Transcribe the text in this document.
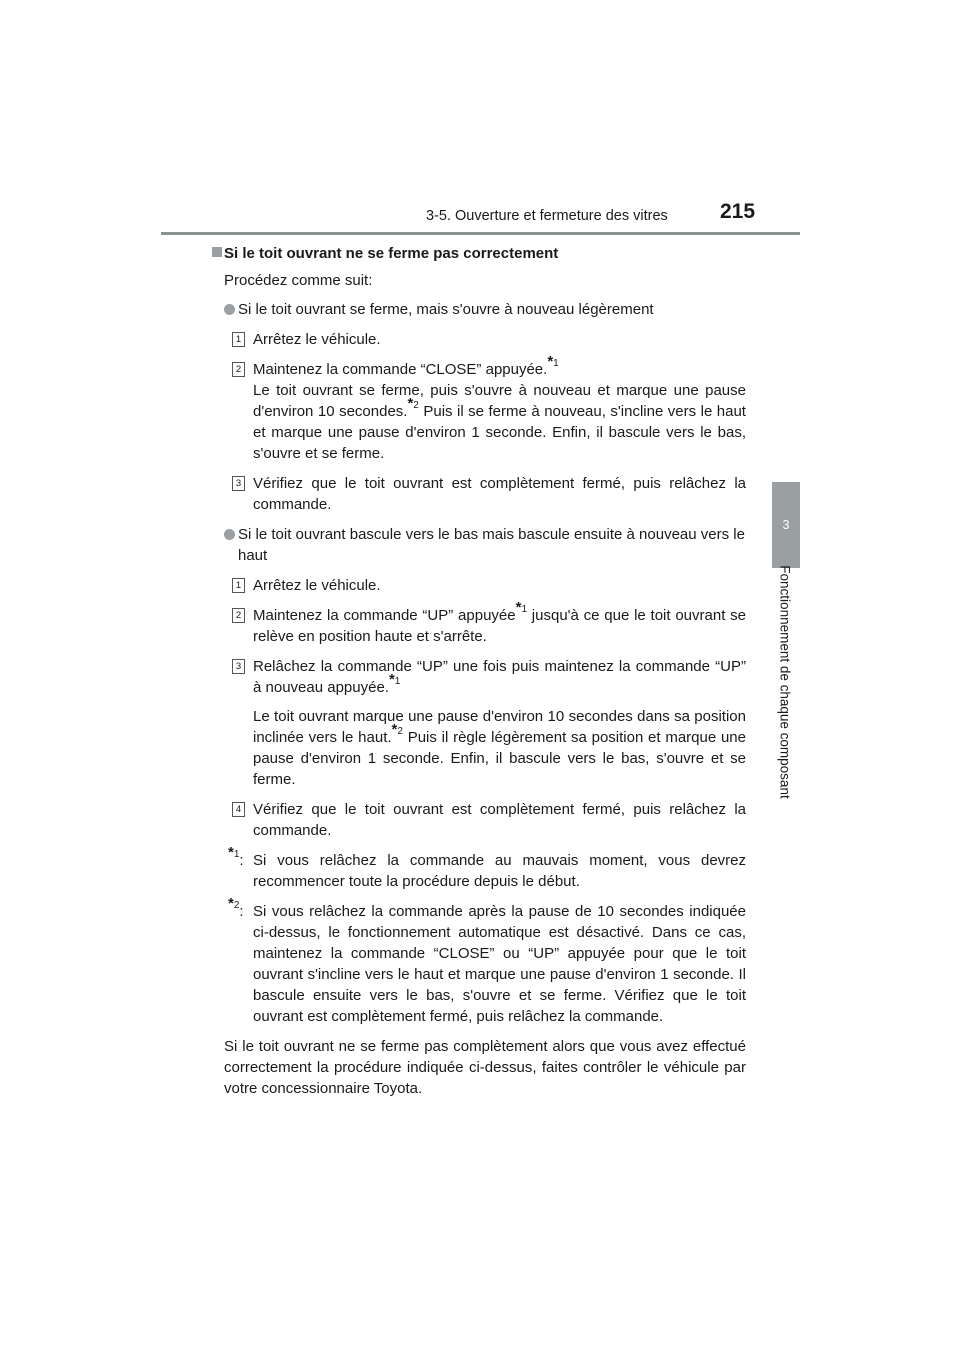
3-5. Ouverture et fermeture des vitres 215
3
Fonctionnement de chaque composant

Si le toit ouvrant ne se ferme pas correctement

Procédez comme suit:

Si le toit ouvrant se ferme, mais s'ouvre à nouveau légèrement

1 Arrêtez le véhicule.
2 Maintenez la commande “CLOSE” appuyée.$^{*1}$
Le toit ouvrant se ferme, puis s'ouvre à nouveau et marque une pause d'environ 10 secondes.$^{*2}$ Puis il se ferme à nouveau, s'incline vers le haut et marque une pause d'environ 1 seconde. Enfin, il bascule vers le bas, s'ouvre et se ferme.
3 Vérifiez que le toit ouvrant est complètement fermé, puis relâchez la commande.

Si le toit ouvrant bascule vers le bas mais bascule ensuite à nouveau vers le haut

1 Arrêtez le véhicule.
2 Maintenez la commande “UP” appuyée$^{*1}$ jusqu'à ce que le toit ouvrant se relève en position haute et s'arrête.
3 Relâchez la commande “UP” une fois puis maintenez la commande “UP” à nouveau appuyée.$^{*1}$
Le toit ouvrant marque une pause d'environ 10 secondes dans sa position inclinée vers le haut.$^{*2}$ Puis il règle légèrement sa position et marque une pause d'environ 1 seconde. Enfin, il bascule vers le bas, s'ouvre et se ferme.
4 Vérifiez que le toit ouvrant est complètement fermé, puis relâchez la commande.
$^{*1}$: Si vous relâchez la commande au mauvais moment, vous devrez recommencer toute la procédure depuis le début.
$^{*2}$: Si vous relâchez la commande après la pause de 10 secondes indiquée ci-dessus, le fonctionnement automatique est désactivé. Dans ce cas, maintenez la commande “CLOSE” ou “UP” appuyée pour que le toit ouvrant s'incline vers le haut et marque une pause d'environ 1 seconde. Il bascule ensuite vers le bas, s'ouvre et se ferme. Vérifiez que le toit ouvrant est complètement fermé, puis relâchez la commande.

Si le toit ouvrant ne se ferme pas complètement alors que vous avez effectué correctement la procédure indiquée ci-dessus, faites contrôler le véhicule par votre concessionnaire Toyota.
